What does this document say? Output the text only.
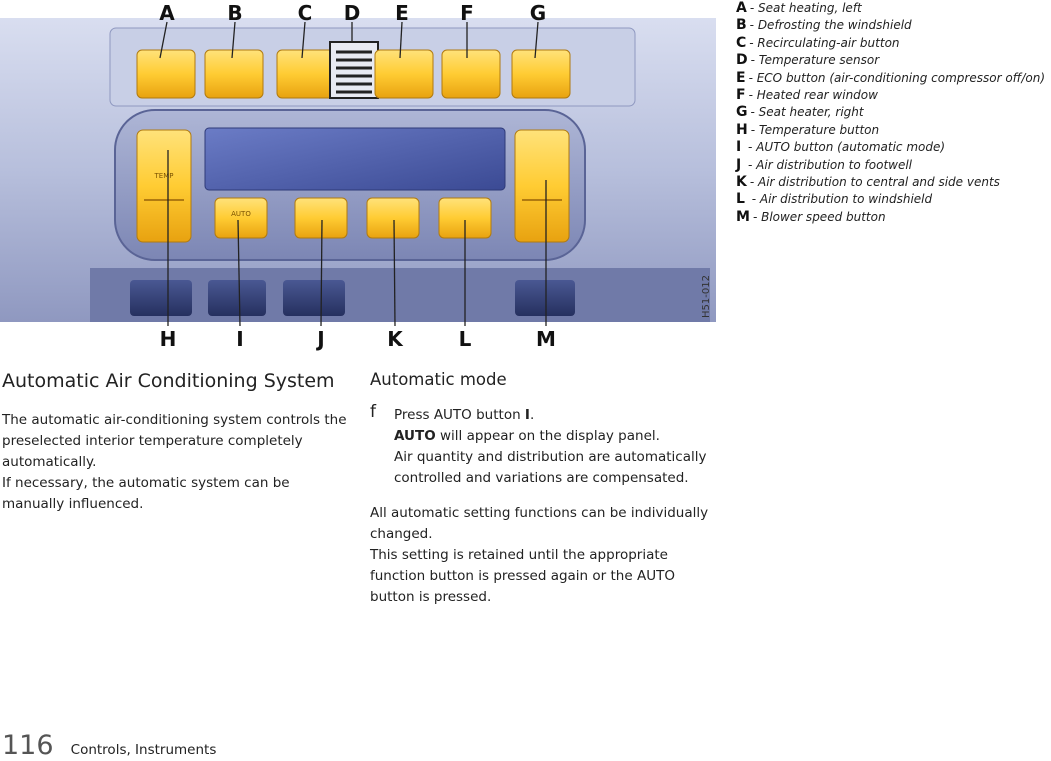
TEMP
AUTO
A	B	C D E	F	G
H	I	J	K	L	M
H51-012
A - Seat heating, left
B - Defrosting the windshield
C - Recirculating-air button
D - Temperature sensor
E - ECO button (air-conditioning compressor off/on)
F - Heated rear window
G - Seat heater, right
H - Temperature button
I - AUTO button (automatic mode)
J - Air distribution to footwell
K - Air distribution to central and side vents
L - Air distribution to windshield
M - Blower speed button
Automatic Air Conditioning System

The automatic air-conditioning system controls the preselected interior temperature completely automatically.

If necessary, the automatic system can be manually influenced.

Automatic mode
f Press AUTO button I.

AUTO will appear on the display panel.

Air quantity and distribution are automatically controlled and variations are compensated.

All automatic setting functions can be individually changed.

This setting is retained until the appropriate function button is pressed again or the AUTO button is pressed.

116 Controls, Instruments
